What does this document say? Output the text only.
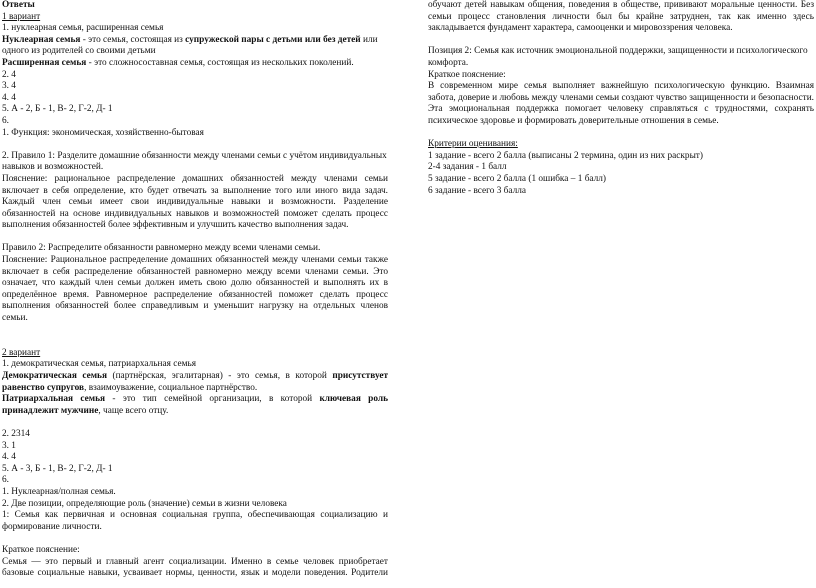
Ответы
1 вариант
1. нуклеарная семья, расширенная семья
Нуклеарная семья - это семья, состоящая из супружеской пары с детьми или без детей или
одного из родителей со своими детьми
Расширенная семья - это сложносоставная семья, состоящая из нескольких поколений.
2. 4
3. 4
4. 4
5. А - 2, Б - 1, В- 2, Г-2, Д- 1
6.
1. Функция: экономическая, хозяйственно-бытовая
2. Правило 1: Разделите домашние обязанности между членами семьи с учётом индивидуальных
навыков и возможностей.
Пояснение: рациональное распределение домашних обязанностей между членами семьи
включает в себя определение, кто будет отвечать за выполнение того или иного вида задач.
Каждый член семьи имеет свои индивидуальные навыки и возможности. Разделение
обязанностей на основе индивидуальных навыков и возможностей поможет сделать процесс
выполнения обязанностей более эффективным и улучшить качество выполнения задач.
Правило 2: Распределите обязанности равномерно между всеми членами семьи.
Пояснение: Рациональное распределение домашних обязанностей между членами семьи также
включает в себя распределение обязанностей равномерно между всеми членами семьи. Это
означает, что каждый член семьи должен иметь свою долю обязанностей и выполнять их в
определённое время. Равномерное распределение обязанностей поможет сделать процесс
выполнения обязанностей более справедливым и уменьшит нагрузку на отдельных членов
семьи.
2 вариант
1. демократическая семья, патриархальная семья
Демократическая семья (партнёрская, эгалитарная) - это семья, в которой присутствует
равенство супругов, взаимоуважение, социальное партнёрство.
Патриархальная семья - это тип семейной организации, в которой ключевая роль
принадлежит мужчине, чаще всего отцу.
2. 2314
3. 1
4. 4
5. А - 3, Б - 1, В- 2, Г-2, Д- 1
6.
1. Нуклеарная/полная семья.
2. Две позиции, определяющие роль (значение) семьи в жизни человека
1: Семья как первичная и основная социальная группа, обеспечивающая социализацию и
формирование личности.
Краткое пояснение:
Семья — это первый и главный агент социализации. Именно в семье человек приобретает
базовые социальные навыки, усваивает нормы, ценности, язык и модели поведения. Родители
обучают детей навыкам общения, поведения в обществе, прививают моральные ценности. Без
семьи процесс становления личности был бы крайне затруднен, так как именно здесь
закладывается фундамент характера, самооценки и мировоззрения человека.
Позиция 2: Семья как источник эмоциональной поддержки, защищенности и психологического
комфорта.
Краткое пояснение:
В современном мире семья выполняет важнейшую психологическую функцию. Взаимная
забота, доверие и любовь между членами семьи создают чувство защищенности и безопасности.
Эта эмоциональная поддержка помогает человеку справляться с трудностями, сохранять
психическое здоровье и формировать доверительные отношения в семье.
Критерии оценивания:
1 задание - всего 2 балла (выписаны 2 термина, один из них раскрыт)
2-4 задания - 1 балл
5 задание - всего 2 балла (1 ошибка – 1 балл)
6 задание - всего 3 балла
